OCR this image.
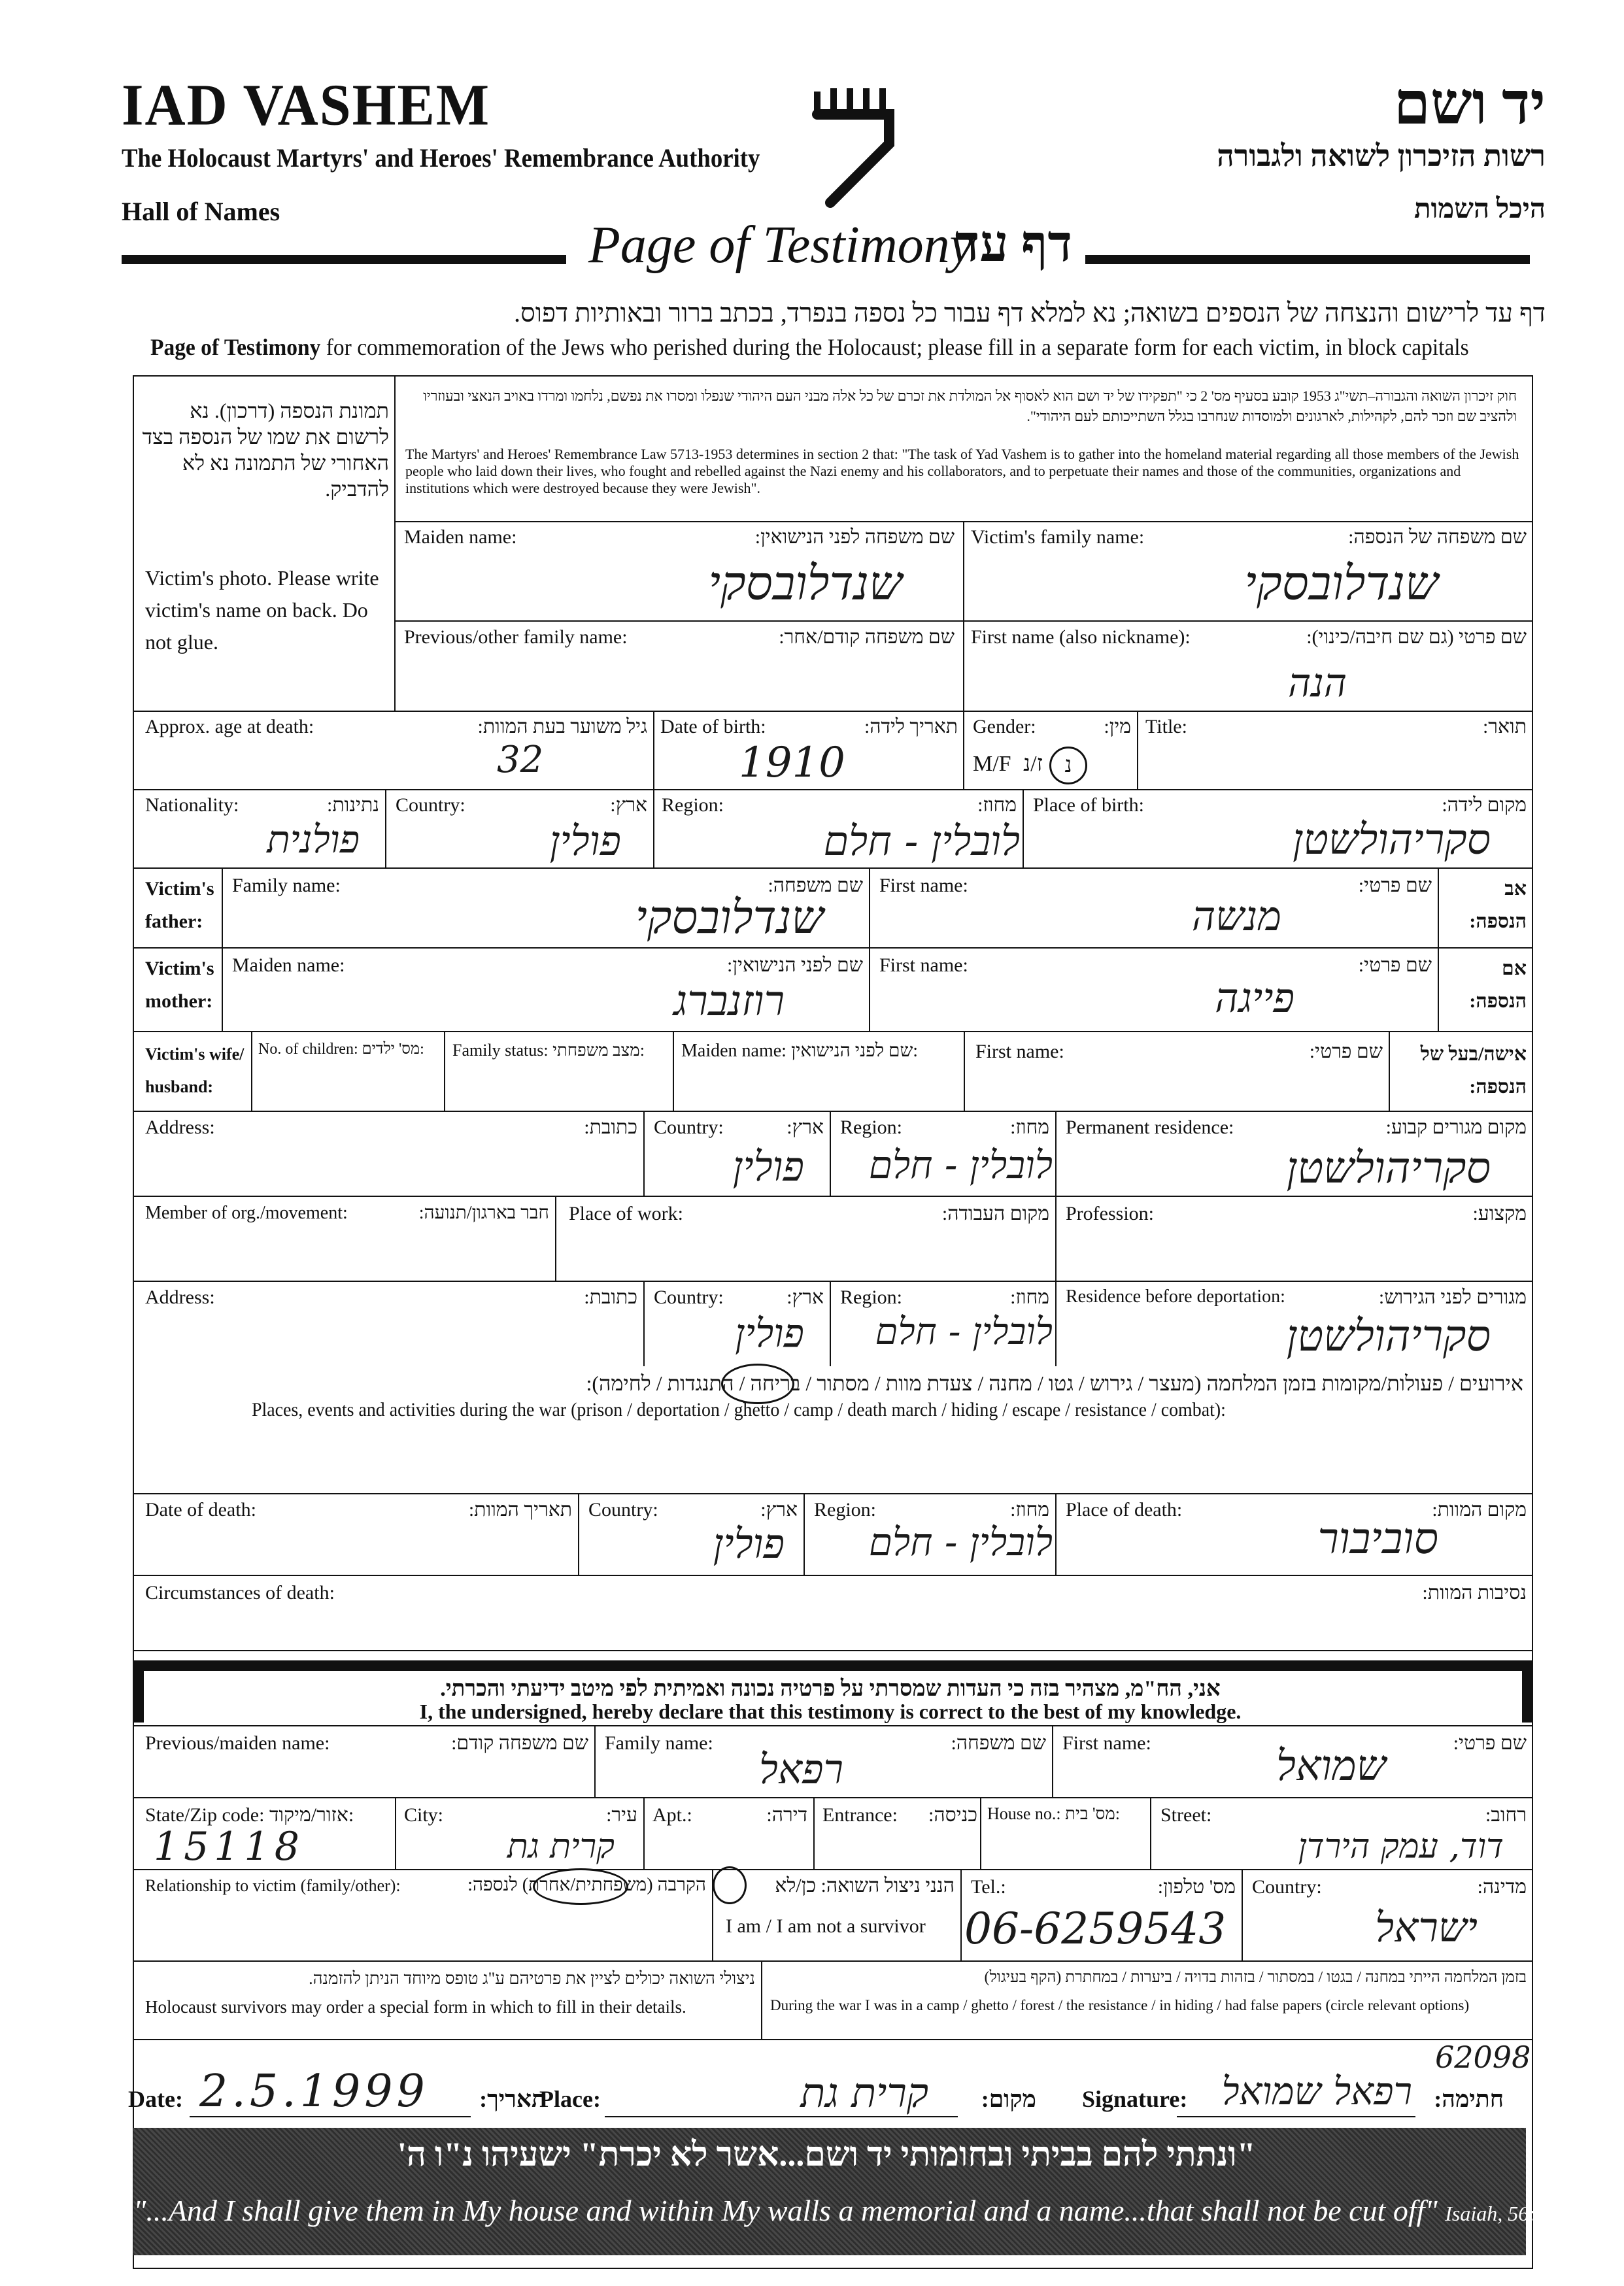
IAD VASHEM	יד ושם
The Holocaust Martyrs' and Heroes' Remembrance Authority	רשות הזיכרון לשואה ולגבורה
Hall of Names	היכל השמות
Page of Testimony
דף עד
דף עד לרישום והנצחה של הנספים בשואה; נא למלא דף עבור כל נספה בנפרד, בכתב ברור ובאותיות דפוס.
Page of Testimony for commemoration of the Jews who perished during the Holocaust; please fill in a separate form for each victim, in block capitals
תמונת הנספה (דרכון). נא לרשום את שמו של הנספה בצד האחורי של התמונה נא לא להדביק.
Victim's photo. Please write victim's name on back. Do not glue.
חוק זיכרון השואה והגבורה–תשי"ג 1953 קובע בסעיף מס' 2 כי "תפקידו של יד ושם הוא לאסוף אל המולדת את זכרם של כל אלה מבני העם היהודי שנפלו ומסרו את נפשם, נלחמו ומרדו באויב הנאצי ובעוזריו ולהציב שם וזכר להם, לקהילות, לארגונים ולמוסדות שנחרבו בגלל השתייכותם לעם היהודי".
The Martyrs' and Heroes' Remembrance Law 5713-1953 determines in section 2 that: "The task of Yad Vashem is to gather into the homeland material regarding all those members of the Jewish people who laid down their lives, who fought and rebelled against the Nazi enemy and his collaborators, and to perpetuate their names and those of the communities, organizations and institutions which were destroyed because they were Jewish".
Maiden name:	שם משפחה לפני הנישואין:
שנדלובסקי
Victim's family name:	שם משפחה של הנספה:
שנדלובסקי
Previous/other family name:	שם משפחה קודם/אחר: First name (also nickname):	שם פרטי (גם שם חיבה/כינוי):
הנה
Approx. age at death:	גיל משוער בעת המוות:
32
Date of birth:	תאריך לידה:
1910
Gender:	מין:
M/F ז/נ נ
Title:	תואר:
Nationality:	נתינות:
פולנית
Country:	ארץ:
פולין
Region:	מחוז:
לובלין - חלם
Place of birth:	מקום לידה:
סקריהולשטן
Victim's father:
Family name:	שם משפחה:
שנדלובסקי
First name:	שם פרטי:
מנשה
אב הנספה:
Victim's mother:
Maiden name:	שם לפני הנישואין:
רוזנברג
First name:	שם פרטי:
פייגה
אם הנספה:
Victim's wife/ husband:
No. of children: מס' ילדים: Family status: מצב משפחתי: Maiden name: שם לפני הנישואין:	First name:	שם פרטי:	אישה/בעל של הנספה:
Address:	כתובת: Country:	ארץ:
פולין
Region:	מחוז:
לובלין - חלם
Permanent residence:	מקום מגורים קבוע:
סקריהולשטן
Member of org./movement:	חבר בארגון/תנועה: Place of work:	מקום העבודה: Profession:	מקצוע:
Address:	כתובת: Country:	ארץ:
פולין
Region:	מחוז:
לובלין - חלם
Residence before deportation:	מגורים לפני הגירוש:
סקריהולשטן
אירועים / פעולות/מקומות בזמן המלחמה (מעצר / גירוש / גטו / מחנה / צעדת מוות / מסתור / בריחה / התנגדות / לחימה):
Places, events and activities during the war (prison / deportation / ghetto / camp / death march / hiding / escape / resistance / combat):
Date of death:	תאריך המוות: Country:	ארץ:
פולין
Region:	מחוז:
לובלין - חלם
Place of death:	מקום המוות:
סוביבור
Circumstances of death:	נסיבות המוות:
אני, הח"מ, מצהיר בזה כי העדות שמסרתי על פרטיה נכונה ואמיתית לפי מיטב ידיעתי והכרתי.
I, the undersigned, hereby declare that this testimony is correct to the best of my knowledge.
Previous/maiden name:	שם משפחה קודם: Family name:	שם משפחה:
רפאל
First name:	שם פרטי:
שמואל
State/Zip code: אזור/מיקוד:
15118
City:	עיר:
קרית גת
Apt.:	דירה: Entrance:	כניסה: House no.: מס' בית: Street:	רחוב:
דוד, עמק הירדן
Relationship to victim (family/other):	הקרבה (משפחתית/אחרת) לנספה:	הנני ניצול השואה: כן/לא
I am / I am not a survivor
Tel.:	מס' טלפון:
06-6259543
Country:	מדינה:
ישראל
ניצולי השואה יכולים לציין את פרטיהם ע"ג טופס מיוחד הניתן להזמנה.
Holocaust survivors may order a special form in which to fill in their details.
בזמן המלחמה הייתי במחנה / בגטו / במסתור / בזהות בדויה / ביערות / במחתרת (הקף בעיגול)
During the war I was in a camp / ghetto / forest / the resistance / in hiding / had false papers (circle relevant options)
Date: 2.5.1999	תאריך:
Place:	קרית גת	מקום: Signature: רפאל שמואל חתימה:
62098
"ונתתי להם בביתי ובחומותי יד ושם...אשר לא יכרת" ישעיהו נ"ו ה'
"...And I shall give them in My house and within My walls a memorial and a name...that shall not be cut off" Isaiah, 56:5
